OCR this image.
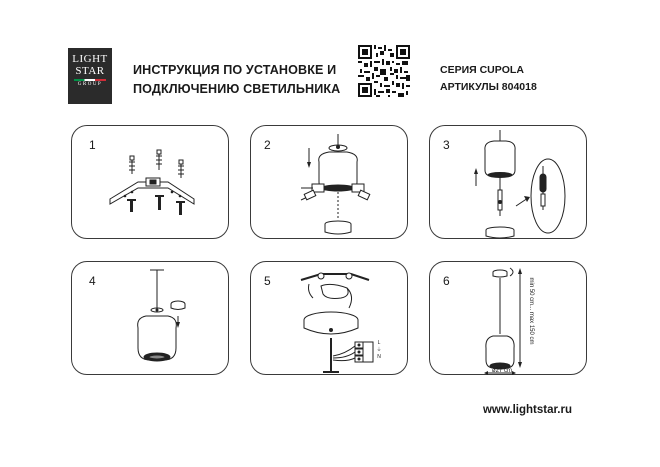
LIGHT
STAR
GROUP
ИНСТРУКЦИЯ ПО УСТАНОВКЕ И
ПОДКЛЮЧЕНИЮ СВЕТИЛЬНИКА
СЕРИЯ CUPOLA
АРТИКУЛЫ 804018
1	2	3
4	5
L
⏚
N
6	min 50 cm... max 150 cm
ø27 cm
www.lightstar.ru
